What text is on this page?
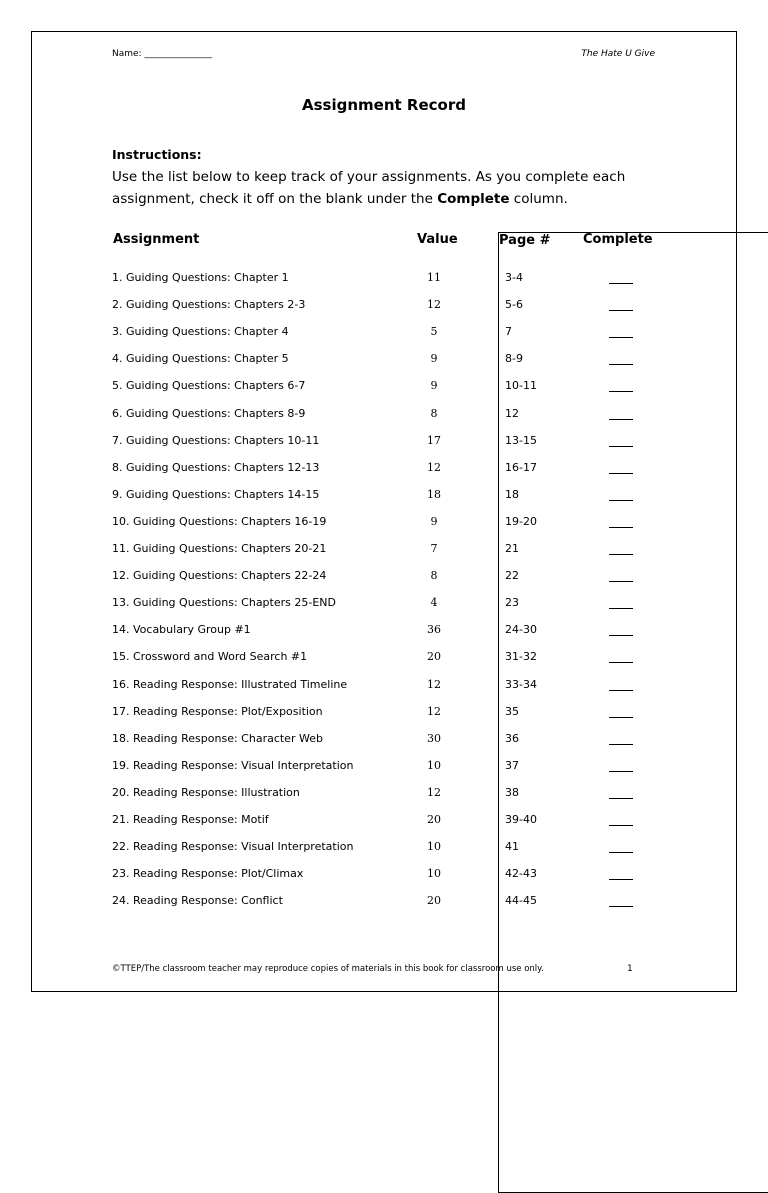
Name: _______________	The Hate U Give
Assignment Record
Instructions:
Use the list below to keep track of your assignments. As you complete each assignment, check it off on the blank under the Complete column.
Assignment	Value	Page #	Complete
1. Guiding Questions: Chapter 1	11	3-4
2. Guiding Questions: Chapters 2-3	12	5-6
3. Guiding Questions: Chapter 4	5	7
4. Guiding Questions: Chapter 5	9	8-9
5. Guiding Questions: Chapters 6-7	9	10-11
6. Guiding Questions: Chapters 8-9	8	12
7. Guiding Questions: Chapters 10-11	17	13-15
8. Guiding Questions: Chapters 12-13	12	16-17
9. Guiding Questions: Chapters 14-15	18	18
10. Guiding Questions: Chapters 16-19	9	19-20
11. Guiding Questions: Chapters 20-21	7	21
12. Guiding Questions: Chapters 22-24	8	22
13. Guiding Questions: Chapters 25-END	4	23
14. Vocabulary Group #1	36	24-30
15. Crossword and Word Search #1	20	31-32
16. Reading Response: Illustrated Timeline	12	33-34
17. Reading Response: Plot/Exposition	12	35
18. Reading Response: Character Web	30	36
19. Reading Response: Visual Interpretation	10	37
20. Reading Response: Illustration	12	38
21. Reading Response: Motif	20	39-40
22. Reading Response: Visual Interpretation	10	41
23. Reading Response: Plot/Climax	10	42-43
24. Reading Response: Conflict	20	44-45
©TTEP/The classroom teacher may reproduce copies of materials in this book for classroom use only.	1
